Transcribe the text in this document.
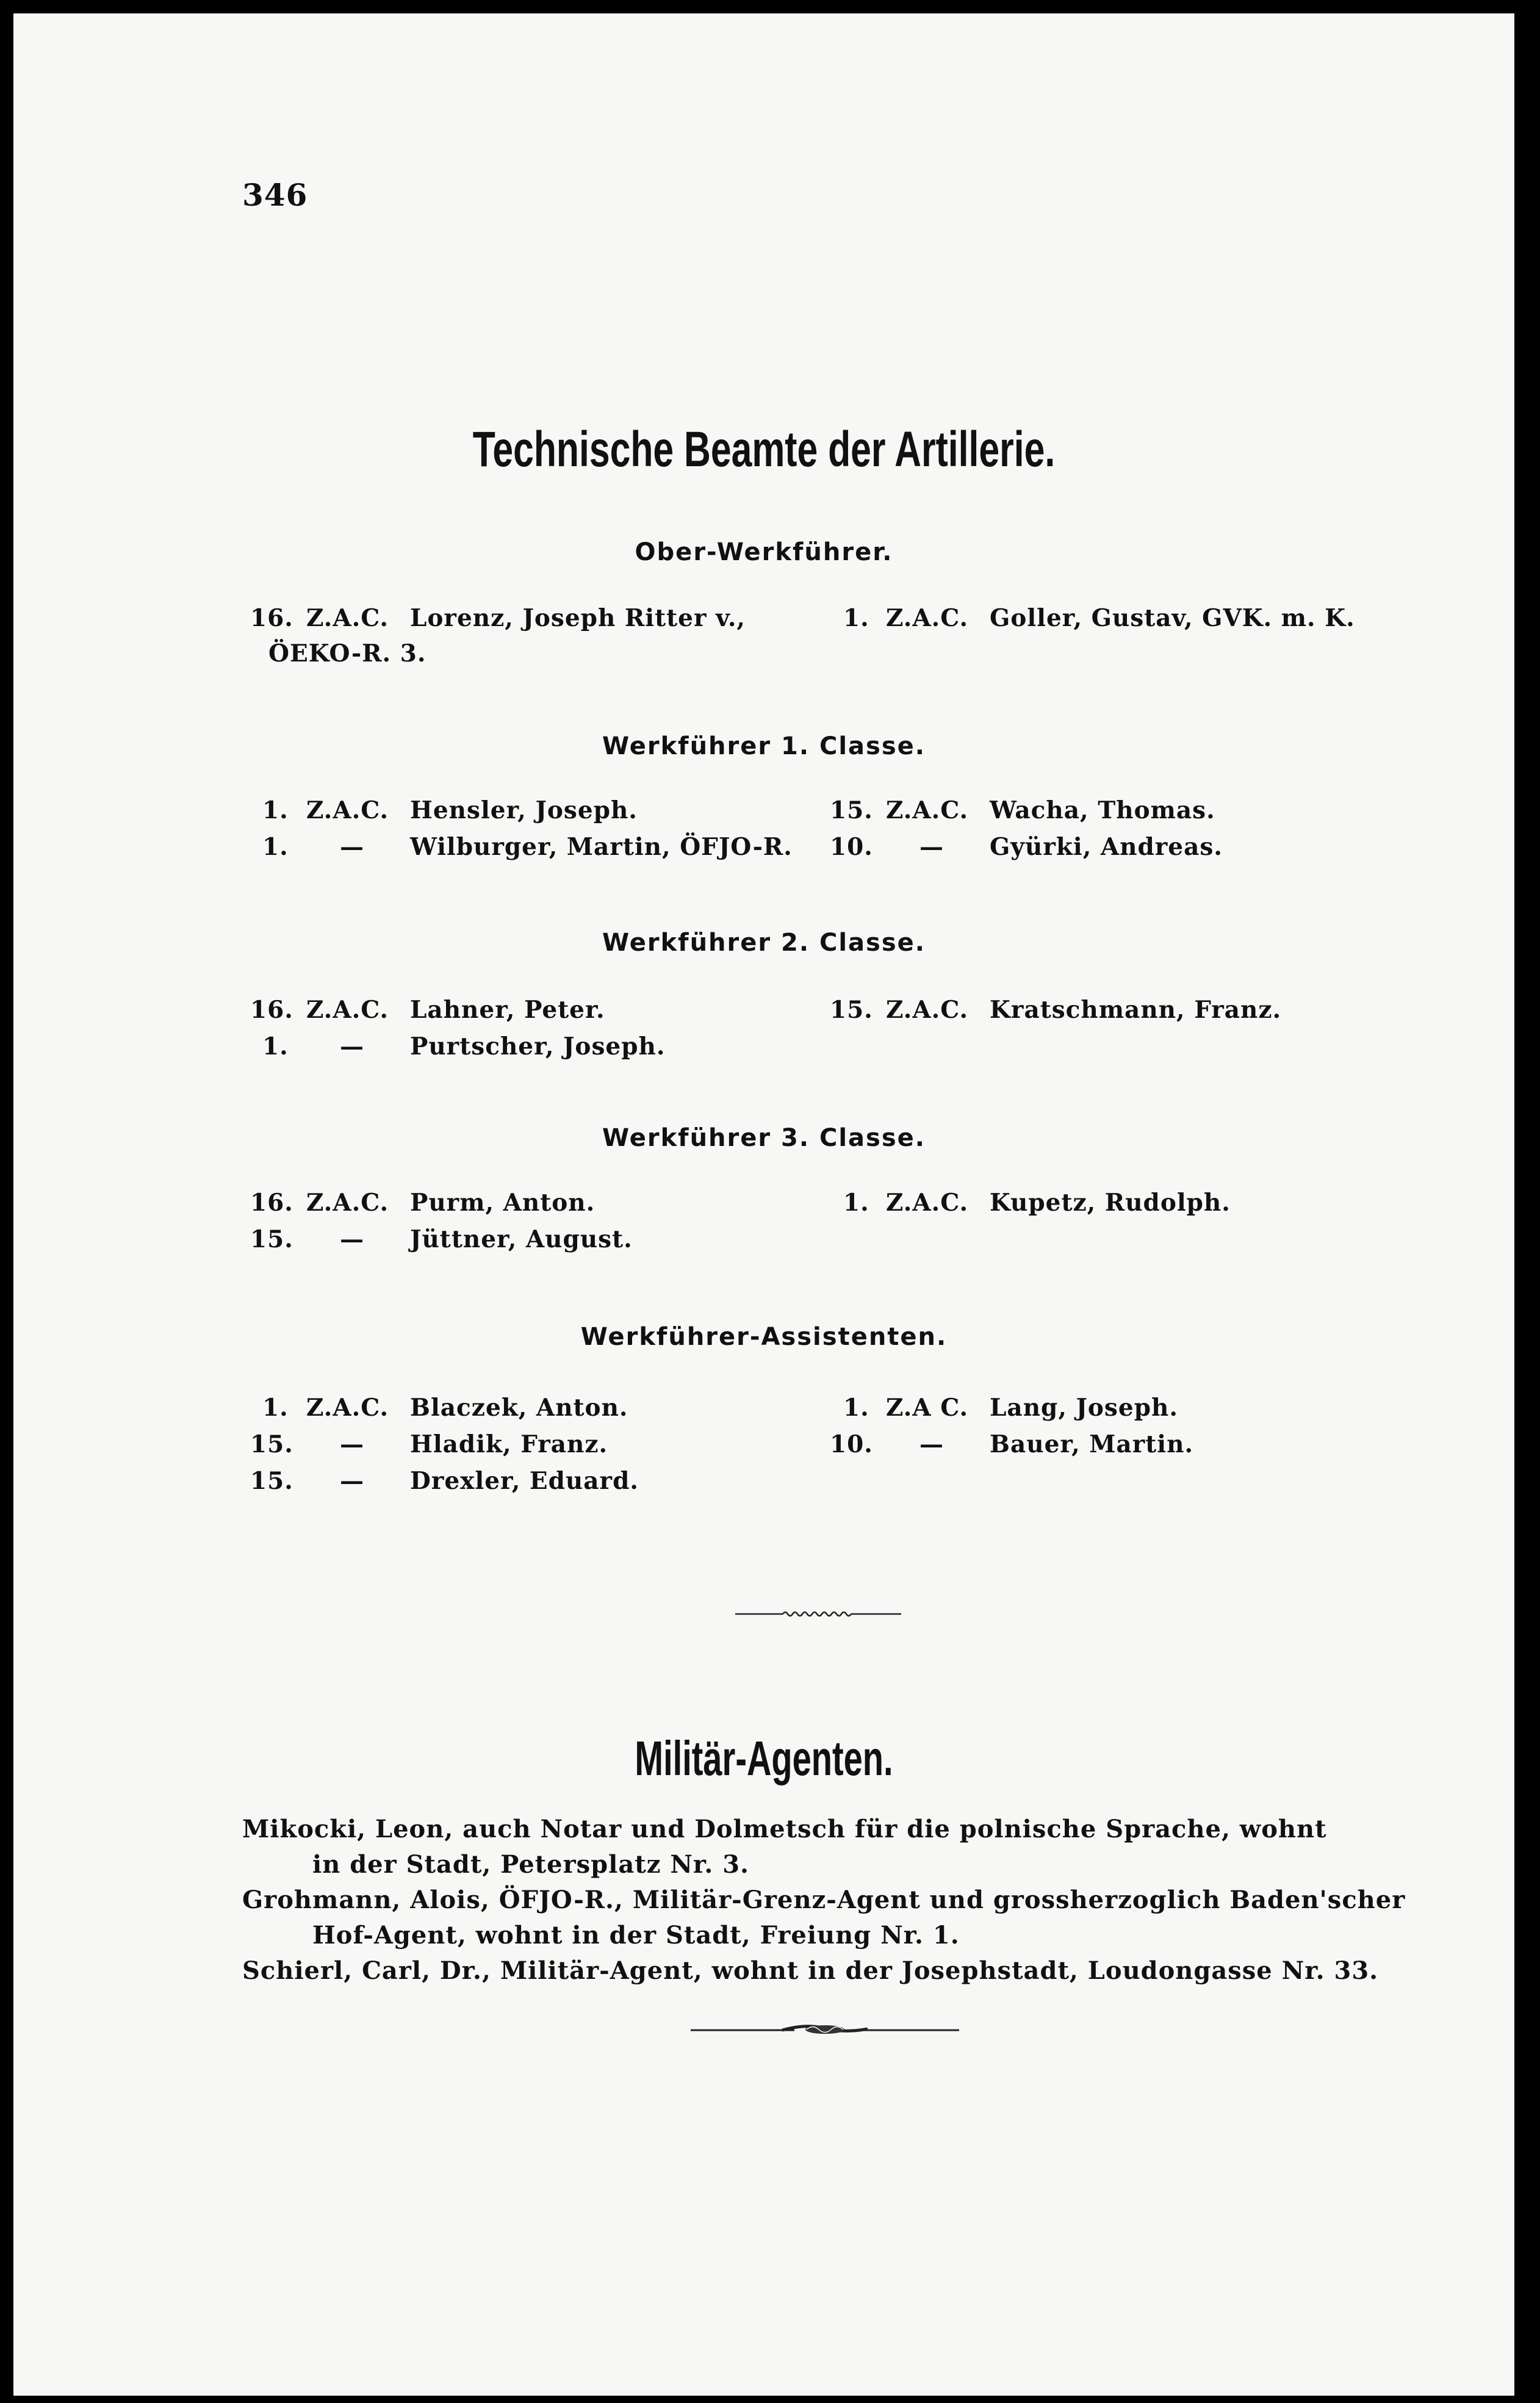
346
Technische Beamte der Artillerie.
Ober-Werkführer.
16. Z.A.C. Lorenz, Joseph Ritter v.,
ÖEKO-R. 3.
1. Z.A.C. Goller, Gustav, GVK. m. K.
Werkführer 1. Classe.
1. Z.A.C. Hensler, Joseph.
1. — Wilburger, Martin, ÖFJO-R.
15. Z.A.C. Wacha, Thomas.
10. — Gyürki, Andreas.
Werkführer 2. Classe.
16. Z.A.C. Lahner, Peter.
1. — Purtscher, Joseph.
15. Z.A.C. Kratschmann, Franz.
Werkführer 3. Classe.
16. Z.A.C. Purm, Anton.
15. — Jüttner, August.
1. Z.A.C. Kupetz, Rudolph.
Werkführer-Assistenten.
1. Z.A.C. Blaczek, Anton.
15. — Hladik, Franz.
15. — Drexler, Eduard.
1. Z.A C. Lang, Joseph.
10. — Bauer, Martin.
Militär-Agenten.
Mikocki, Leon, auch Notar und Dolmetsch für die polnische Sprache, wohnt
in der Stadt, Petersplatz Nr. 3.
Grohmann, Alois, ÖFJO-R., Militär-Grenz-Agent und grossherzoglich Baden'scher
Hof-Agent, wohnt in der Stadt, Freiung Nr. 1.
Schierl, Carl, Dr., Militär-Agent, wohnt in der Josephstadt, Loudongasse Nr. 33.
